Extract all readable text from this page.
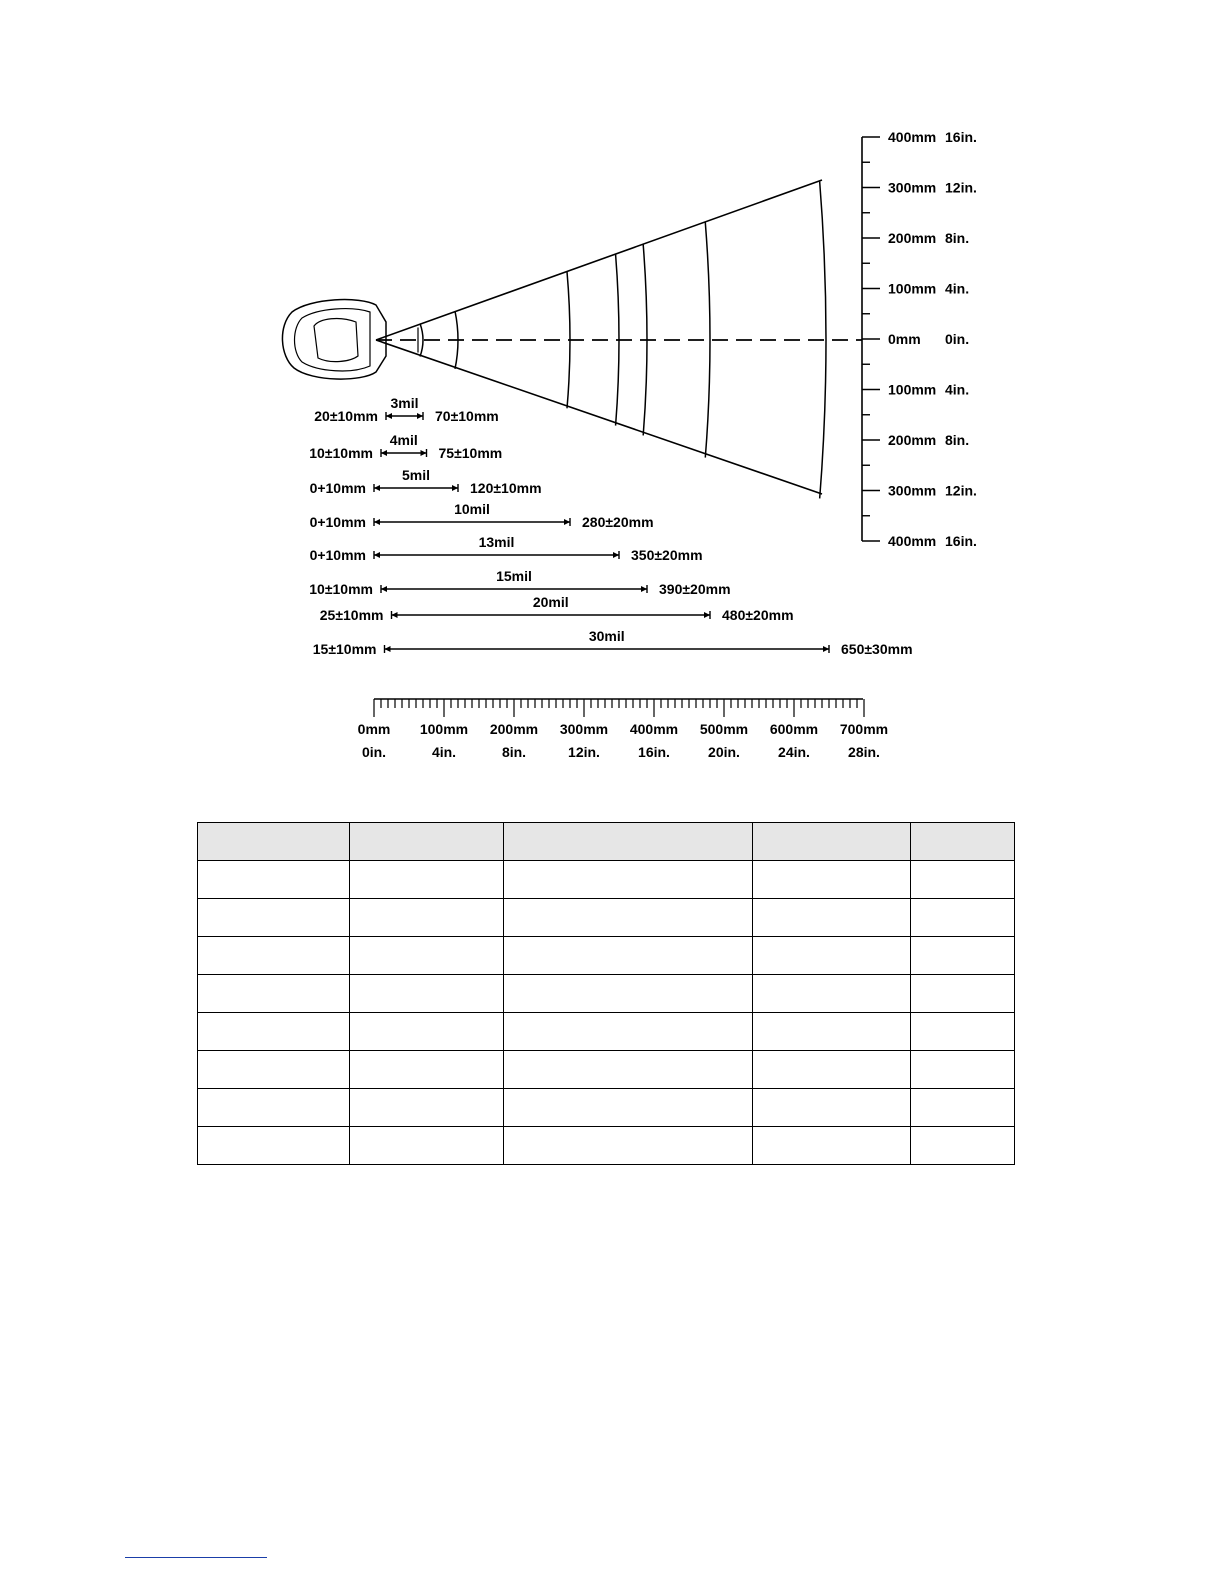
400mm 16in.
300mm 12in.
200mm 8in.
100mm 4in.
0mm 0in.
100mm 4in.
200mm 8in.
300mm 12in.
400mm 16in.
3mil
20±10mm	70±10mm
4mil
10±10mm	75±10mm
5mil
0+10mm	120±10mm
10mil
0+10mm	280±20mm
13mil
0+10mm	350±20mm
15mil
10±10mm	390±20mm
20mil
25±10mm	480±20mm
30mil
15±10mm	650±30mm
0mm
0in.
100mm
4in.
200mm
8in.
300mm
12in.
400mm
16in.
500mm
20in.
600mm
24in.
700mm
28in.
